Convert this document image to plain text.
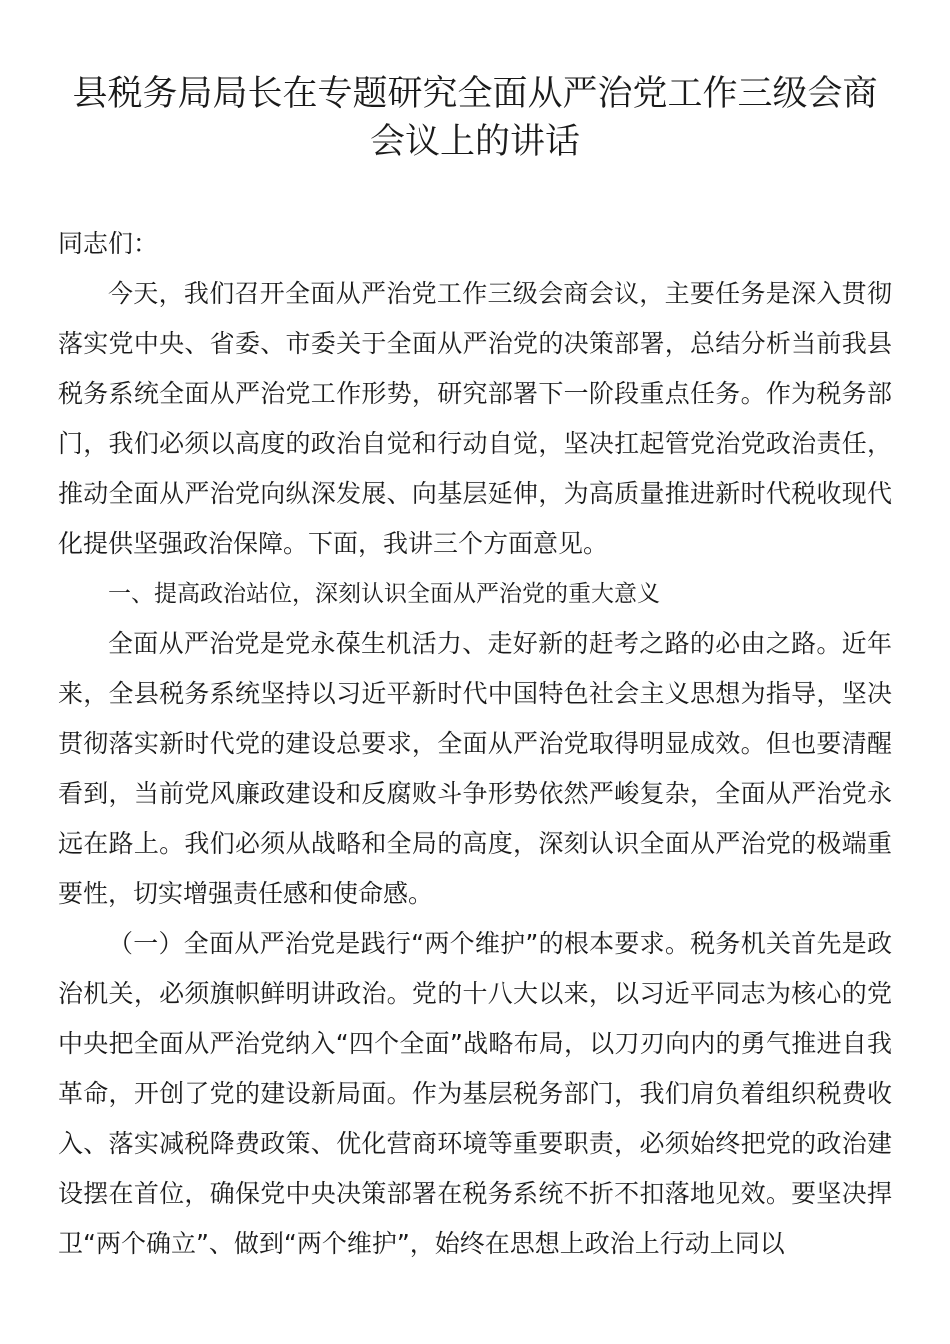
县税务局局长在专题研究全面从严治党工作三级会商会议上的讲话

同志们：

今天，我们召开全面从严治党工作三级会商会议，主要任务是深入贯彻落实党中央、省委、市委关于全面从严治党的决策部署，总结分析当前我县税务系统全面从严治党工作形势，研究部署下一阶段重点任务。作为税务部门，我们必须以高度的政治自觉和行动自觉，坚决扛起管党治党政治责任，推动全面从严治党向纵深发展、向基层延伸，为高质量推进新时代税收现代化提供坚强政治保障。下面，我讲三个方面意见。

一、提高政治站位，深刻认识全面从严治党的重大意义

全面从严治党是党永葆生机活力、走好新的赶考之路的必由之路。近年来，全县税务系统坚持以习近平新时代中国特色社会主义思想为指导，坚决贯彻落实新时代党的建设总要求，全面从严治党取得明显成效。但也要清醒看到，当前党风廉政建设和反腐败斗争形势依然严峻复杂，全面从严治党永远在路上。我们必须从战略和全局的高度，深刻认识全面从严治党的极端重要性，切实增强责任感和使命感。

（一）全面从严治党是践行“两个维护”的根本要求。税务机关首先是政治机关，必须旗帜鲜明讲政治。党的十八大以来，以习近平同志为核心的党中央把全面从严治党纳入“四个全面”战略布局，以刀刃向内的勇气推进自我革命，开创了党的建设新局面。作为基层税务部门，我们肩负着组织税费收入、落实减税降费政策、优化营商环境等重要职责，必须始终把党的政治建设摆在首位，确保党中央决策部署在税务系统不折不扣落地见效。要坚决捍卫“两个确立”、做到“两个维护”，始终在思想上政治上行动上同以
